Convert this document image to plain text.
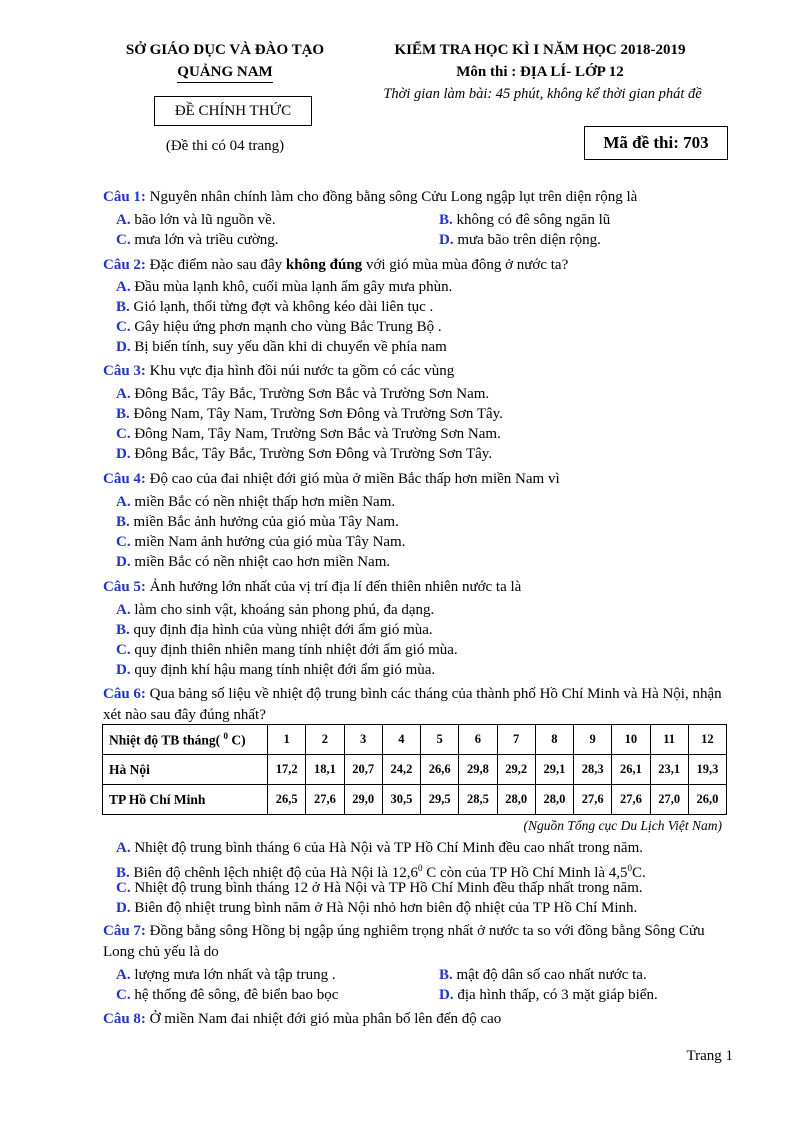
SỞ GIÁO DỤC VÀ ĐÀO TẠO
QUẢNG NAM
ĐỀ CHÍNH THỨC
(Đề thi có 04 trang)
KIỂM TRA HỌC KÌ I NĂM HỌC 2018-2019
Môn thi : ĐỊA LÍ- LỚP 12
Thời gian làm bài: 45 phút, không kể thời gian phát đề
Mã đề thi: 703
Câu 1: Nguyên nhân chính làm cho đồng bằng sông Cửu Long ngập lụt trên diện rộng là
A. bão lớn và lũ nguồn về.	B. không có đê sông ngăn lũ
C. mưa lớn và triều cường.	D. mưa bão trên diện rộng.
Câu 2: Đặc điểm nào sau đây không đúng với gió mùa mùa đông ở nước ta?
A. Đầu mùa lạnh khô, cuối mùa lạnh ẩm gây mưa phùn.
B. Gió lạnh, thổi từng đợt và không kéo dài liên tục .
C. Gây hiệu ứng phơn mạnh cho vùng Bắc Trung Bộ .
D. Bị biến tính, suy yếu dần khi di chuyển về phía nam
Câu 3: Khu vực địa hình đồi núi nước ta gồm có các vùng
A. Đông Bắc, Tây Bắc, Trường Sơn Bắc và Trường Sơn Nam.
B. Đông Nam, Tây Nam, Trường Sơn Đông và Trường Sơn Tây.
C. Đông Nam, Tây Nam, Trường Sơn Bắc và Trường Sơn Nam.
D. Đông Bắc, Tây Bắc, Trường Sơn Đông và Trường Sơn Tây.
Câu 4: Độ cao của đai nhiệt đới gió mùa ở miền Bắc thấp hơn miền Nam vì
A. miền Bắc có nền nhiệt thấp hơn miền Nam.
B. miền Bắc ảnh hưởng của gió mùa Tây Nam.
C. miền Nam ảnh hưởng của gió mùa Tây Nam.
D. miền Bắc có nền nhiệt cao hơn miền Nam.
Câu 5: Ảnh hưởng lớn nhất của vị trí địa lí đến thiên nhiên nước ta là
A. làm cho sinh vật, khoáng sản phong phú, đa dạng.
B. quy định địa hình của vùng nhiệt đới ẩm gió mùa.
C. quy định thiên nhiên mang tính nhiệt đới ẩm gió mùa.
D. quy định khí hậu mang tính nhiệt đới ẩm gió mùa.
Câu 6: Qua bảng số liệu về nhiệt độ trung bình các tháng của thành phố Hồ Chí Minh và Hà Nội, nhận xét nào sau đây đúng nhất?
Nhiệt độ TB tháng( $^0$ C)	1	2	3	4	5	6	7	8	9	10	11	12
Hà Nội	17,2	18,1	20,7	24,2	26,6	29,8	29,2	29,1	28,3	26,1	23,1	19,3
TP Hồ Chí Minh	26,5	27,6	29,0	30,5	29,5	28,5	28,0	28,0	27,6	27,6	27,0	26,0
(Nguồn Tổng cục Du Lịch Việt Nam)
A. Nhiệt độ trung bình tháng 6 của Hà Nội và TP Hồ Chí Minh đều cao nhất trong năm.
B. Biên độ chênh lệch nhiệt độ của Hà Nội là 12,6$^0$ C còn của TP Hồ Chí Minh là $4,5^0C$.
C. Nhiệt độ trung bình tháng 12 ở Hà Nội và TP Hồ Chí Minh đều thấp nhất trong năm.
D. Biên độ nhiệt trung bình năm ở Hà Nội nhỏ hơn biên độ nhiệt của TP Hồ Chí Minh.
Câu 7: Đồng bằng sông Hồng bị ngập úng nghiêm trọng nhất ở nước ta so với đồng bằng Sông Cửu Long chủ yếu là do
A. lượng mưa lớn nhất và tập trung .	B. mật độ dân số cao nhất nước ta.
C. hệ thống đê sông, đê biển bao bọc	D. địa hình thấp, có 3 mặt giáp biển.
Câu 8: Ở miền Nam đai nhiệt đới gió mùa phân bố lên đến độ cao
Trang 1
